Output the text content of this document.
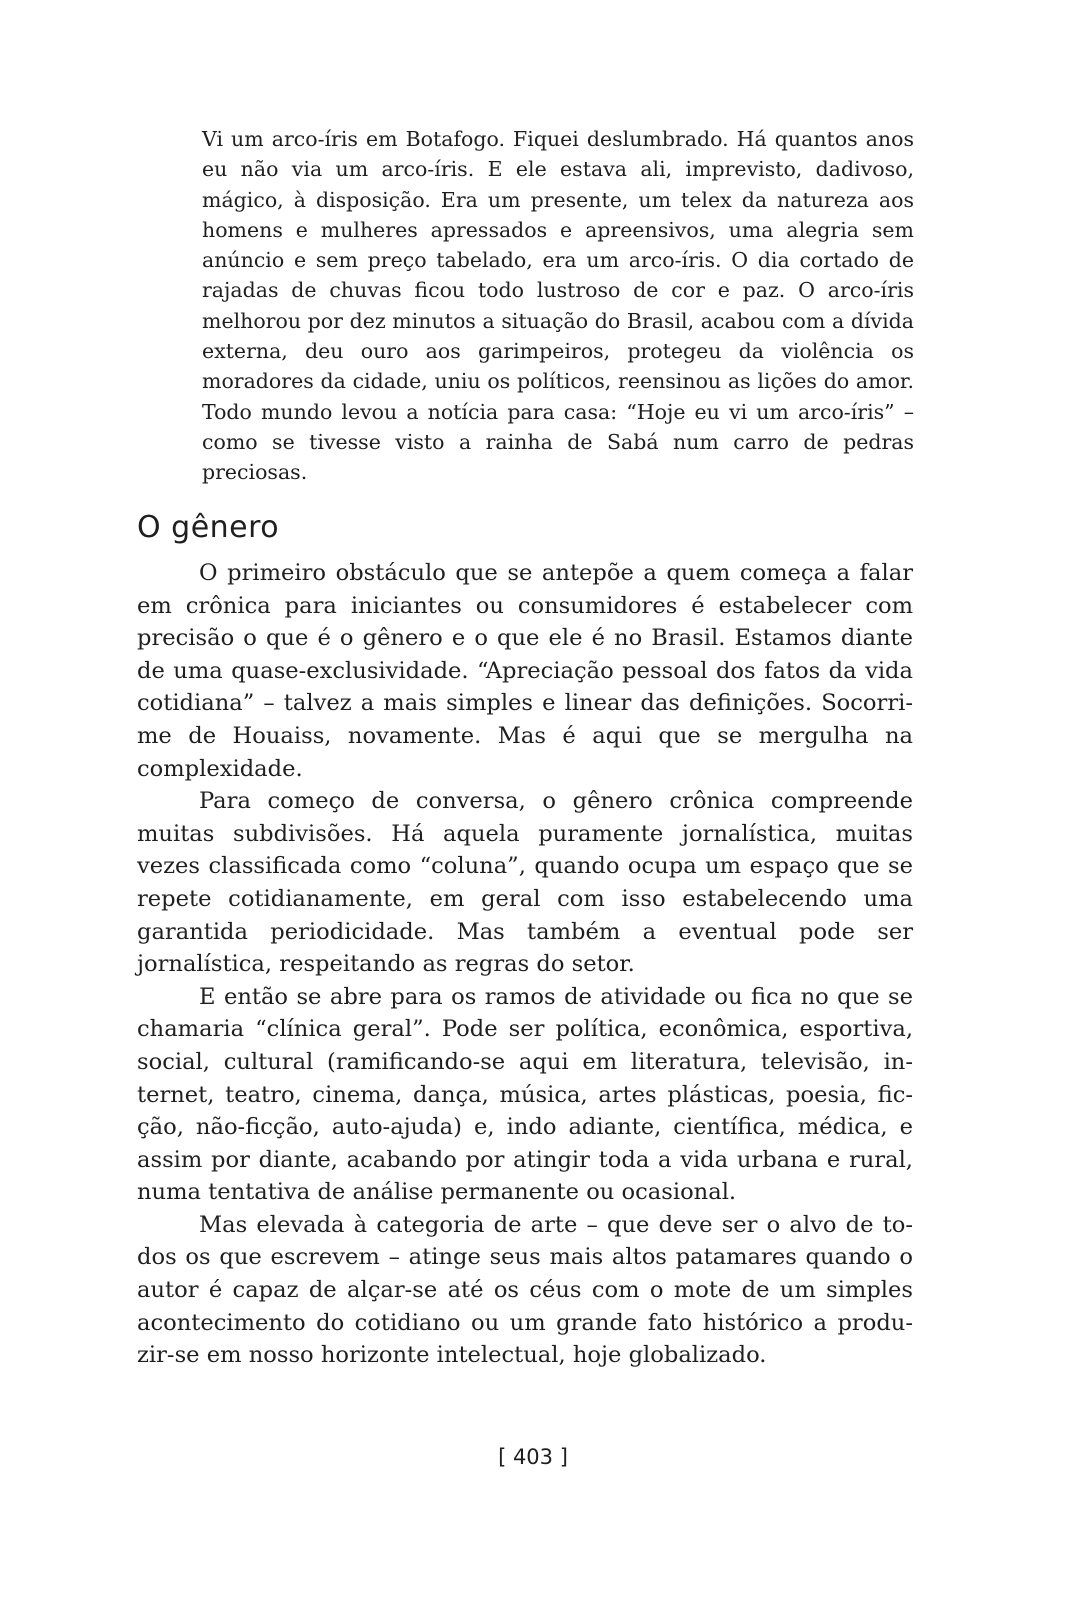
Vi um arco-íris em Botafogo. Fiquei deslumbrado. Há quantos anos eu não via um arco-íris. E ele estava ali, imprevisto, dadivoso, mágico, à disposição. Era um presente, um telex da natureza aos homens e mulheres apressados e apreensivos, uma alegria sem anúncio e sem preço tabelado, era um arco-íris. O dia cortado de rajadas de chuvas ficou todo lustroso de cor e paz. O arco-íris melhorou por dez minutos a situação do Brasil, acabou com a dívida externa, deu ouro aos garimpeiros, protegeu da violência os moradores da cidade, uniu os políticos, reensinou as lições do amor. Todo mundo levou a notícia para casa: “Hoje eu vi um arco-íris” – como se tivesse visto a rainha de Sabá num carro de pedras preciosas.

O gênero

O primeiro obstáculo que se antepõe a quem começa a falar em crônica para iniciantes ou consumidores é estabelecer com precisão o que é o gênero e o que ele é no Brasil. Estamos diante de uma quase-exclusividade. “Apreciação pessoal dos fatos da vida cotidiana” – talvez a mais simples e linear das definições. Socorri-me de Houaiss, novamente. Mas é aqui que se mergulha na complexidade.

Para começo de conversa, o gênero crônica compreende muitas subdivisões. Há aquela puramente jornalística, muitas vezes classificada como “coluna”, quando ocupa um espaço que se repete cotidianamente, em geral com isso estabelecendo uma garantida periodicidade. Mas também a eventual pode ser jornalística, respeitando as regras do setor.

E então se abre para os ramos de atividade ou fica no que se chamaria “clínica geral”. Pode ser política, econômica, esportiva, social, cultural (ramificando-se aqui em literatura, televisão, internet, teatro, cinema, dança, música, artes plásticas, poesia, ficção, não-ficção, auto-ajuda) e, indo adiante, científica, médica, e assim por diante, acabando por atingir toda a vida urbana e rural, numa tentativa de análise permanente ou ocasional.

Mas elevada à categoria de arte – que deve ser o alvo de todos os que escrevem – atinge seus mais altos patamares quando o autor é capaz de alçar-se até os céus com o mote de um simples acontecimento do cotidiano ou um grande fato histórico a produzir-se em nosso horizonte intelectual, hoje globalizado.

[ 403 ]
